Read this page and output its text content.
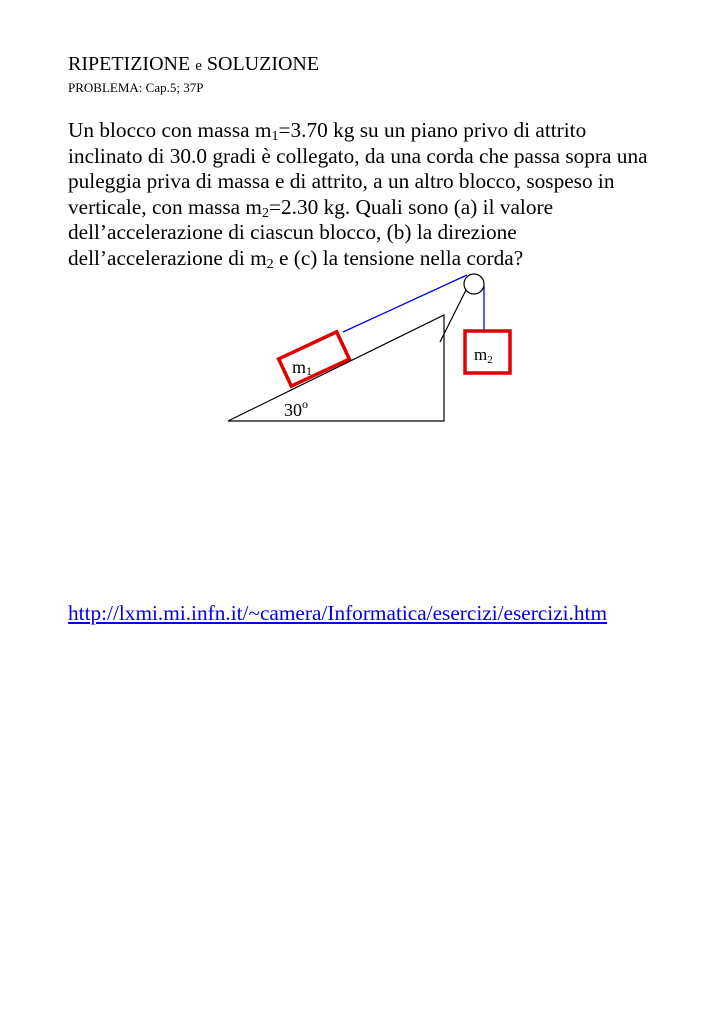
RIPETIZIONE e SOLUZIONE
PROBLEMA: Cap.5; 37P
Un blocco con massa $m_1=3.70$ kg su un piano privo di attrito
inclinato di 30.0 gradi è collegato, da una corda che passa sopra una
puleggia priva di massa e di attrito, a un altro blocco, sospeso in
verticale, con massa $m_2=2.30$ kg. Quali sono (a) il valore
dell’accelerazione di ciascun blocco, (b) la direzione
dell’accelerazione di $m_2$ e (c) la tensione nella corda?
m1
m2
30$^o$
http://lxmi.mi.infn.it/~camera/Informatica/esercizi/esercizi.htm
